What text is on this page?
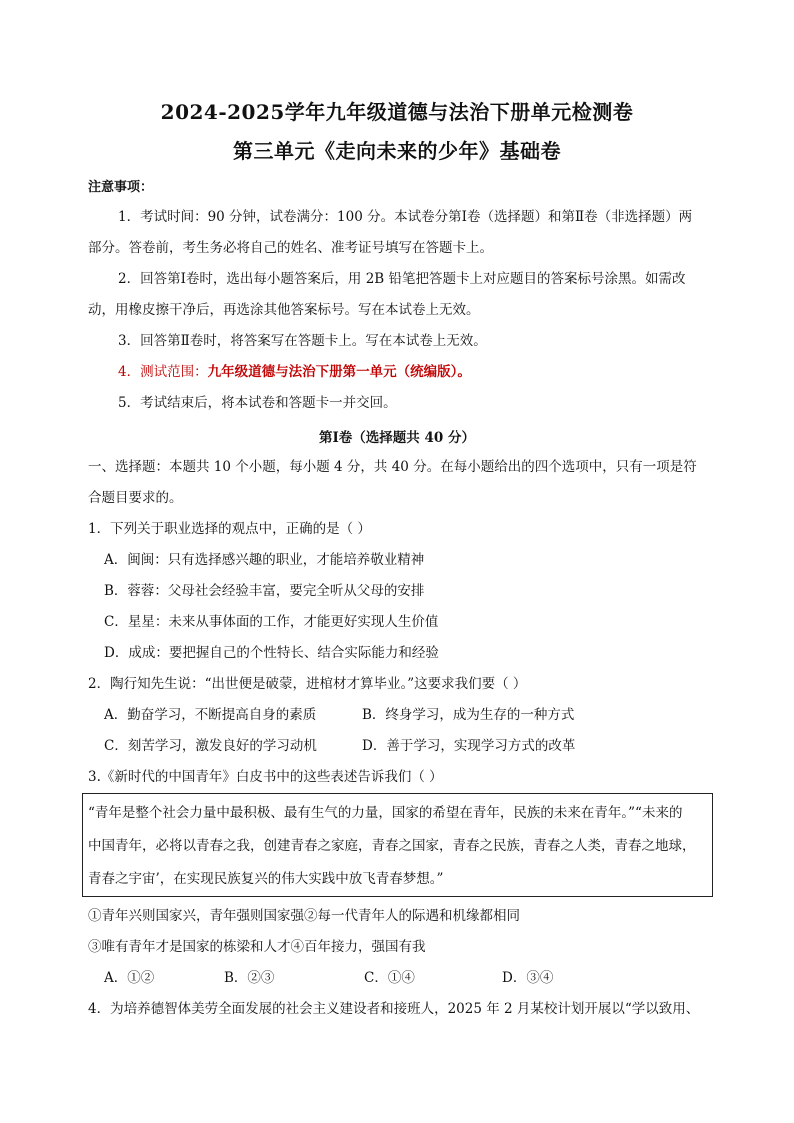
2024-2025学年九年级道德与法治下册单元检测卷
第三单元《走向未来的少年》基础卷
注意事项：
1．考试时间：90 分钟，试卷满分：100 分。本试卷分第Ⅰ卷（选择题）和第Ⅱ卷（非选择题）两
部分。答卷前，考生务必将自己的姓名、准考证号填写在答题卡上。
2．回答第Ⅰ卷时，选出每小题答案后，用 2B 铅笔把答题卡上对应题目的答案标号涂黑。如需改
动，用橡皮擦干净后，再选涂其他答案标号。写在本试卷上无效。
3．回答第Ⅱ卷时，将答案写在答题卡上。写在本试卷上无效。
4．测试范围：九年级道德与法治下册第一单元（统编版）。
5．考试结束后，将本试卷和答题卡一并交回。
第Ⅰ卷（选择题共 40 分）
一、选择题：本题共 10 个小题，每小题 4 分，共 40 分。在每小题给出的四个选项中，只有一项是符
合题目要求的。
1．下列关于职业选择的观点中，正确的是（ ）
A．闽闽：只有选择感兴趣的职业，才能培养敬业精神
B．蓉蓉：父母社会经验丰富，要完全听从父母的安排
C．星星：未来从事体面的工作，才能更好实现人生价值
D．成成：要把握自己的个性特长、结合实际能力和经验
2．陶行知先生说：“出世便是破蒙，进棺材才算毕业。”这要求我们要（ ）
A．勤奋学习，不断提高自身的素质	B．终身学习，成为生存的一种方式
C．刻苦学习，激发良好的学习动机	D．善于学习，实现学习方式的改革
3.《新时代的中国青年》白皮书中的这些表述告诉我们（ ）
“青年是整个社会力量中最积极、最有生气的力量，国家的希望在青年，民族的未来在青年。”“未来的
中国青年，必将以青春之我，创建青春之家庭，青春之国家，青春之民族，青春之人类，青春之地球，
青春之宇宙’，在实现民族复兴的伟大实践中放飞青春梦想。”
①青年兴则国家兴，青年强则国家强②每一代青年人的际遇和机缘都相同
③唯有青年才是国家的栋梁和人才④百年接力，强国有我
A．①②	B．②③	C．①④	D．③④
4．为培养德智体美劳全面发展的社会主义建设者和接班人，2025 年 2 月某校计划开展以“学以致用、
